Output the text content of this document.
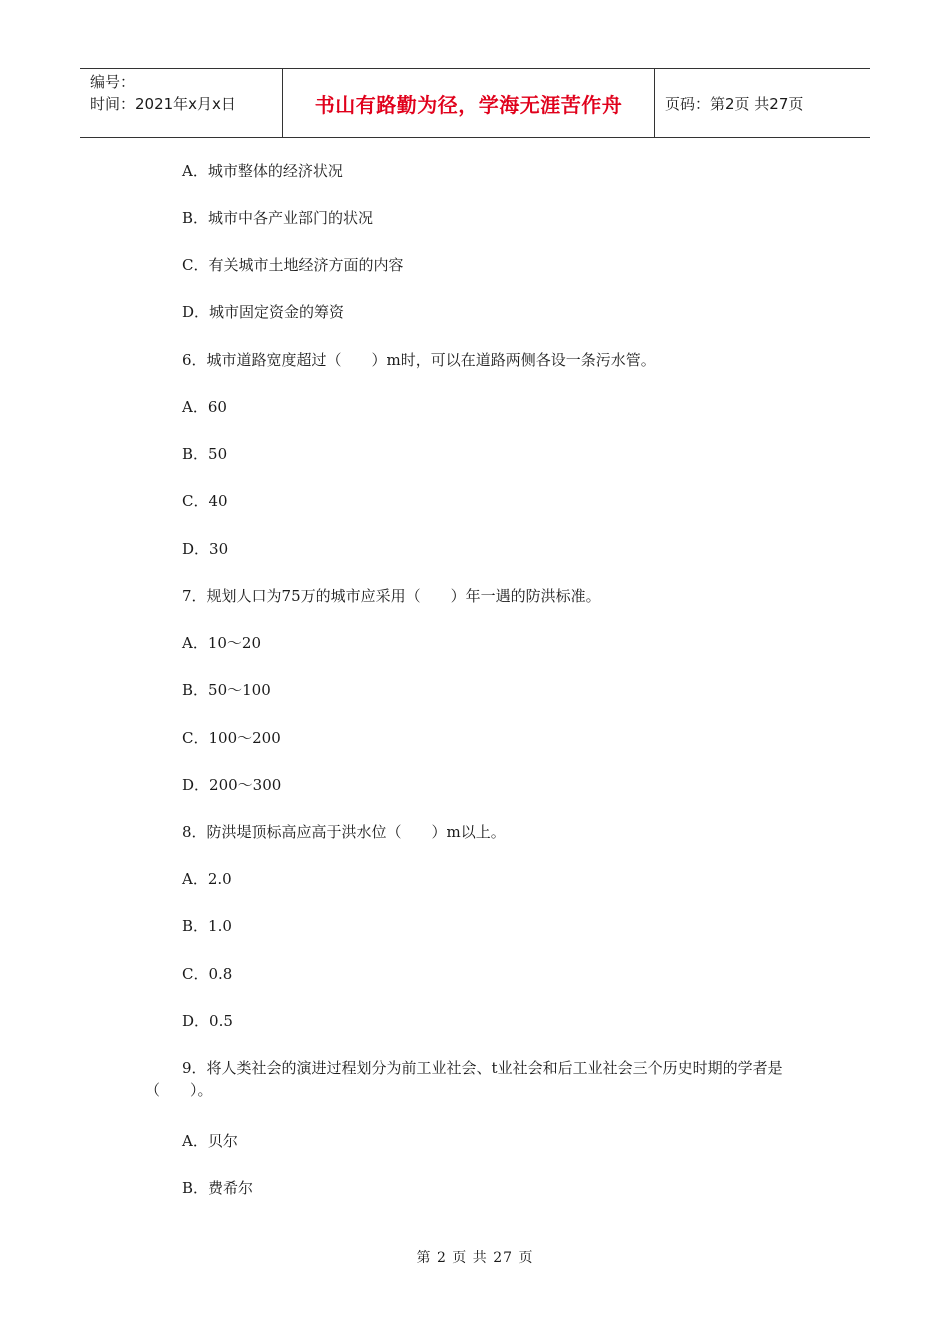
编号：
时间：2021年x月x日	书山有路勤为径，学海无涯苦作舟	页码：第2页 共27页
A．城市整体的经济状况
B．城市中各产业部门的状况
C．有关城市土地经济方面的内容
D．城市固定资金的筹资
6．城市道路宽度超过（　　）m时，可以在道路两侧各设一条污水管。
A．60
B．50
C．40
D．30
7．规划人口为75万的城市应采用（　　）年一遇的防洪标准。
A．10～20
B．50～100
C．100～200
D．200～300
8．防洪堤顶标高应高于洪水位（　　）m以上。
A．2.0
B．1.0
C．0.8
D．0.5
9．将人类社会的演进过程划分为前工业社会、t业社会和后工业社会三个历史时期的学者是（　　）。
A．贝尔
B．费希尔
第 2 页 共 27 页
